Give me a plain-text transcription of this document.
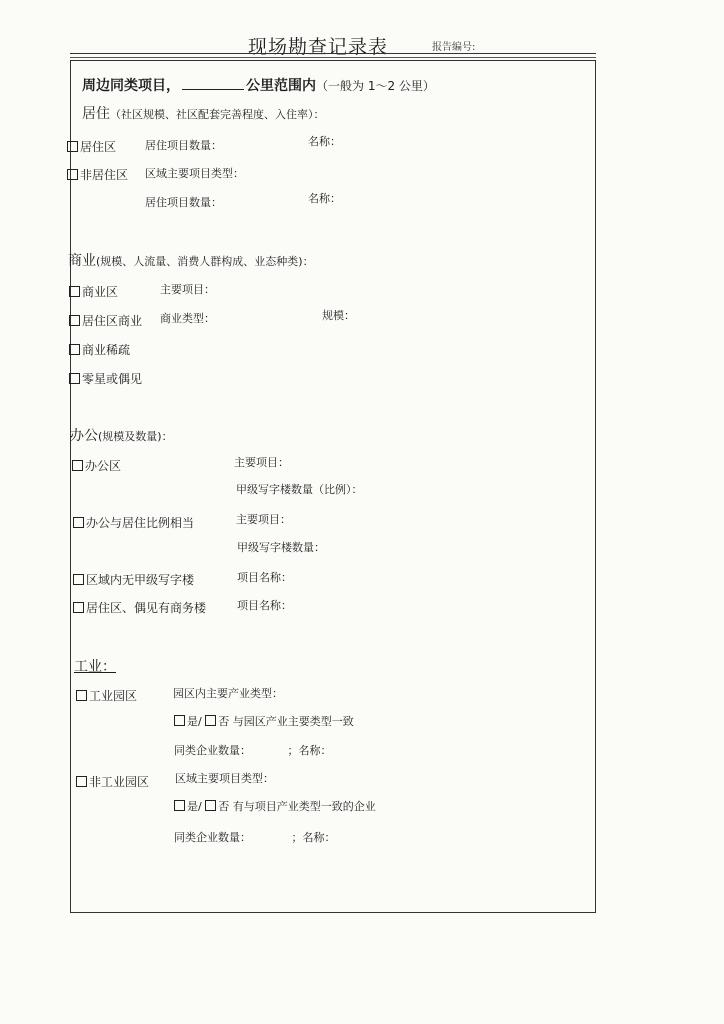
现场勘查记录表	报告编号:
周边同类项目，	公里范围内（一般为 1～2 公里）
居住（社区规模、社区配套完善程度、入住率）：
居住区	居住项目数量：	名称：
非居住区 区域主要项目类型：
居住项目数量：	名称：
商业(规模、人流量、消费人群构成、业态种类)：
商业区	主要项目：
居住区商业 商业类型：	规模：
商业稀疏
零星或偶见
办公(规模及数量)：
办公区	主要项目：
甲级写字楼数量（比例）：
办公与居住比例相当	主要项目：
甲级写字楼数量：
区域内无甲级写字楼	项目名称：
居住区、偶见有商务楼	项目名称：
工业：
工业园区	园区内主要产业类型：
是/ 否 与园区产业主要类型一致
同类企业数量：	；名称：
非工业园区 区域主要项目类型：
是/ 否 有与项目产业类型一致的企业
同类企业数量：	；名称：
